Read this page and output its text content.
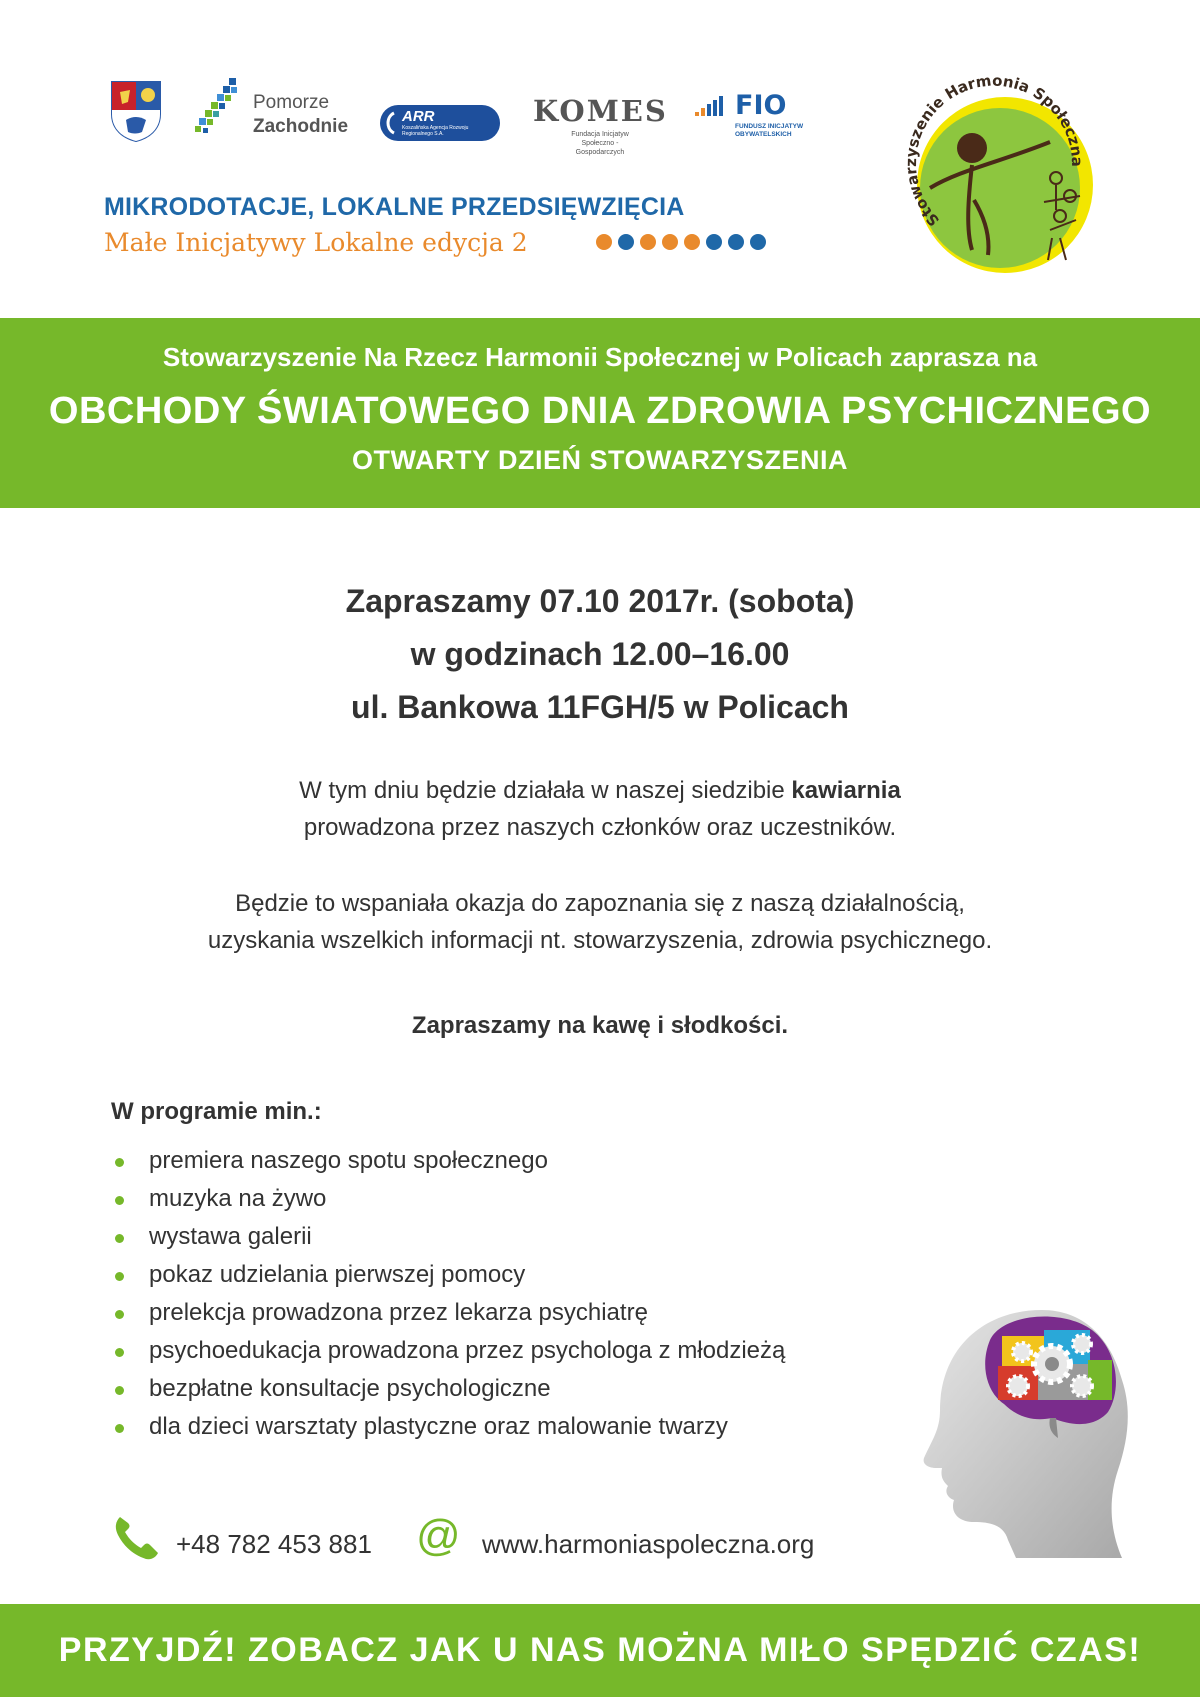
Pomorze
Zachodnie	ARR
Koszalińska Agencja Rozwoju Regionalnego S.A.
KOMES
Fundacja Inicjatyw Społeczno - Gospodarczych
FIO
FUNDUSZ INICJATYW OBYWATELSKICH
MIKRODOTACJE, LOKALNE PRZEDSIĘWZIĘCIA
Małe Inicjatywy Lokalne edycja 2
Stowarzyszenie Harmonia Społeczna
Stowarzyszenie Na Rzecz Harmonii Społecznej w Policach zaprasza na
OBCHODY ŚWIATOWEGO DNIA ZDROWIA PSYCHICZNEGO
OTWARTY DZIEŃ STOWARZYSZENIA
Zapraszamy 07.10 2017r. (sobota)
w godzinach 12.00–16.00
ul. Bankowa 11FGH/5 w Policach
W tym dniu będzie działała w naszej siedzibie kawiarnia
prowadzona przez naszych członków oraz uczestników.
Będzie to wspaniała okazja do zapoznania się z naszą działalnością,
uzyskania wszelkich informacji nt. stowarzyszenia, zdrowia psychicznego.
Zapraszamy na kawę i słodkości.
W programie min.:
premiera naszego spotu społecznego
muzyka na żywo
wystawa galerii
pokaz udzielania pierwszej pomocy
prelekcja prowadzona przez lekarza psychiatrę
psychoedukacja prowadzona przez psychologa z młodzieżą
bezpłatne konsultacje psychologiczne
dla dzieci warsztaty plastyczne oraz malowanie twarzy
+48 782 453 881 @ www.harmoniaspoleczna.org
PRZYJDŹ! ZOBACZ JAK U NAS MOŻNA MIŁO SPĘDZIĆ CZAS!
